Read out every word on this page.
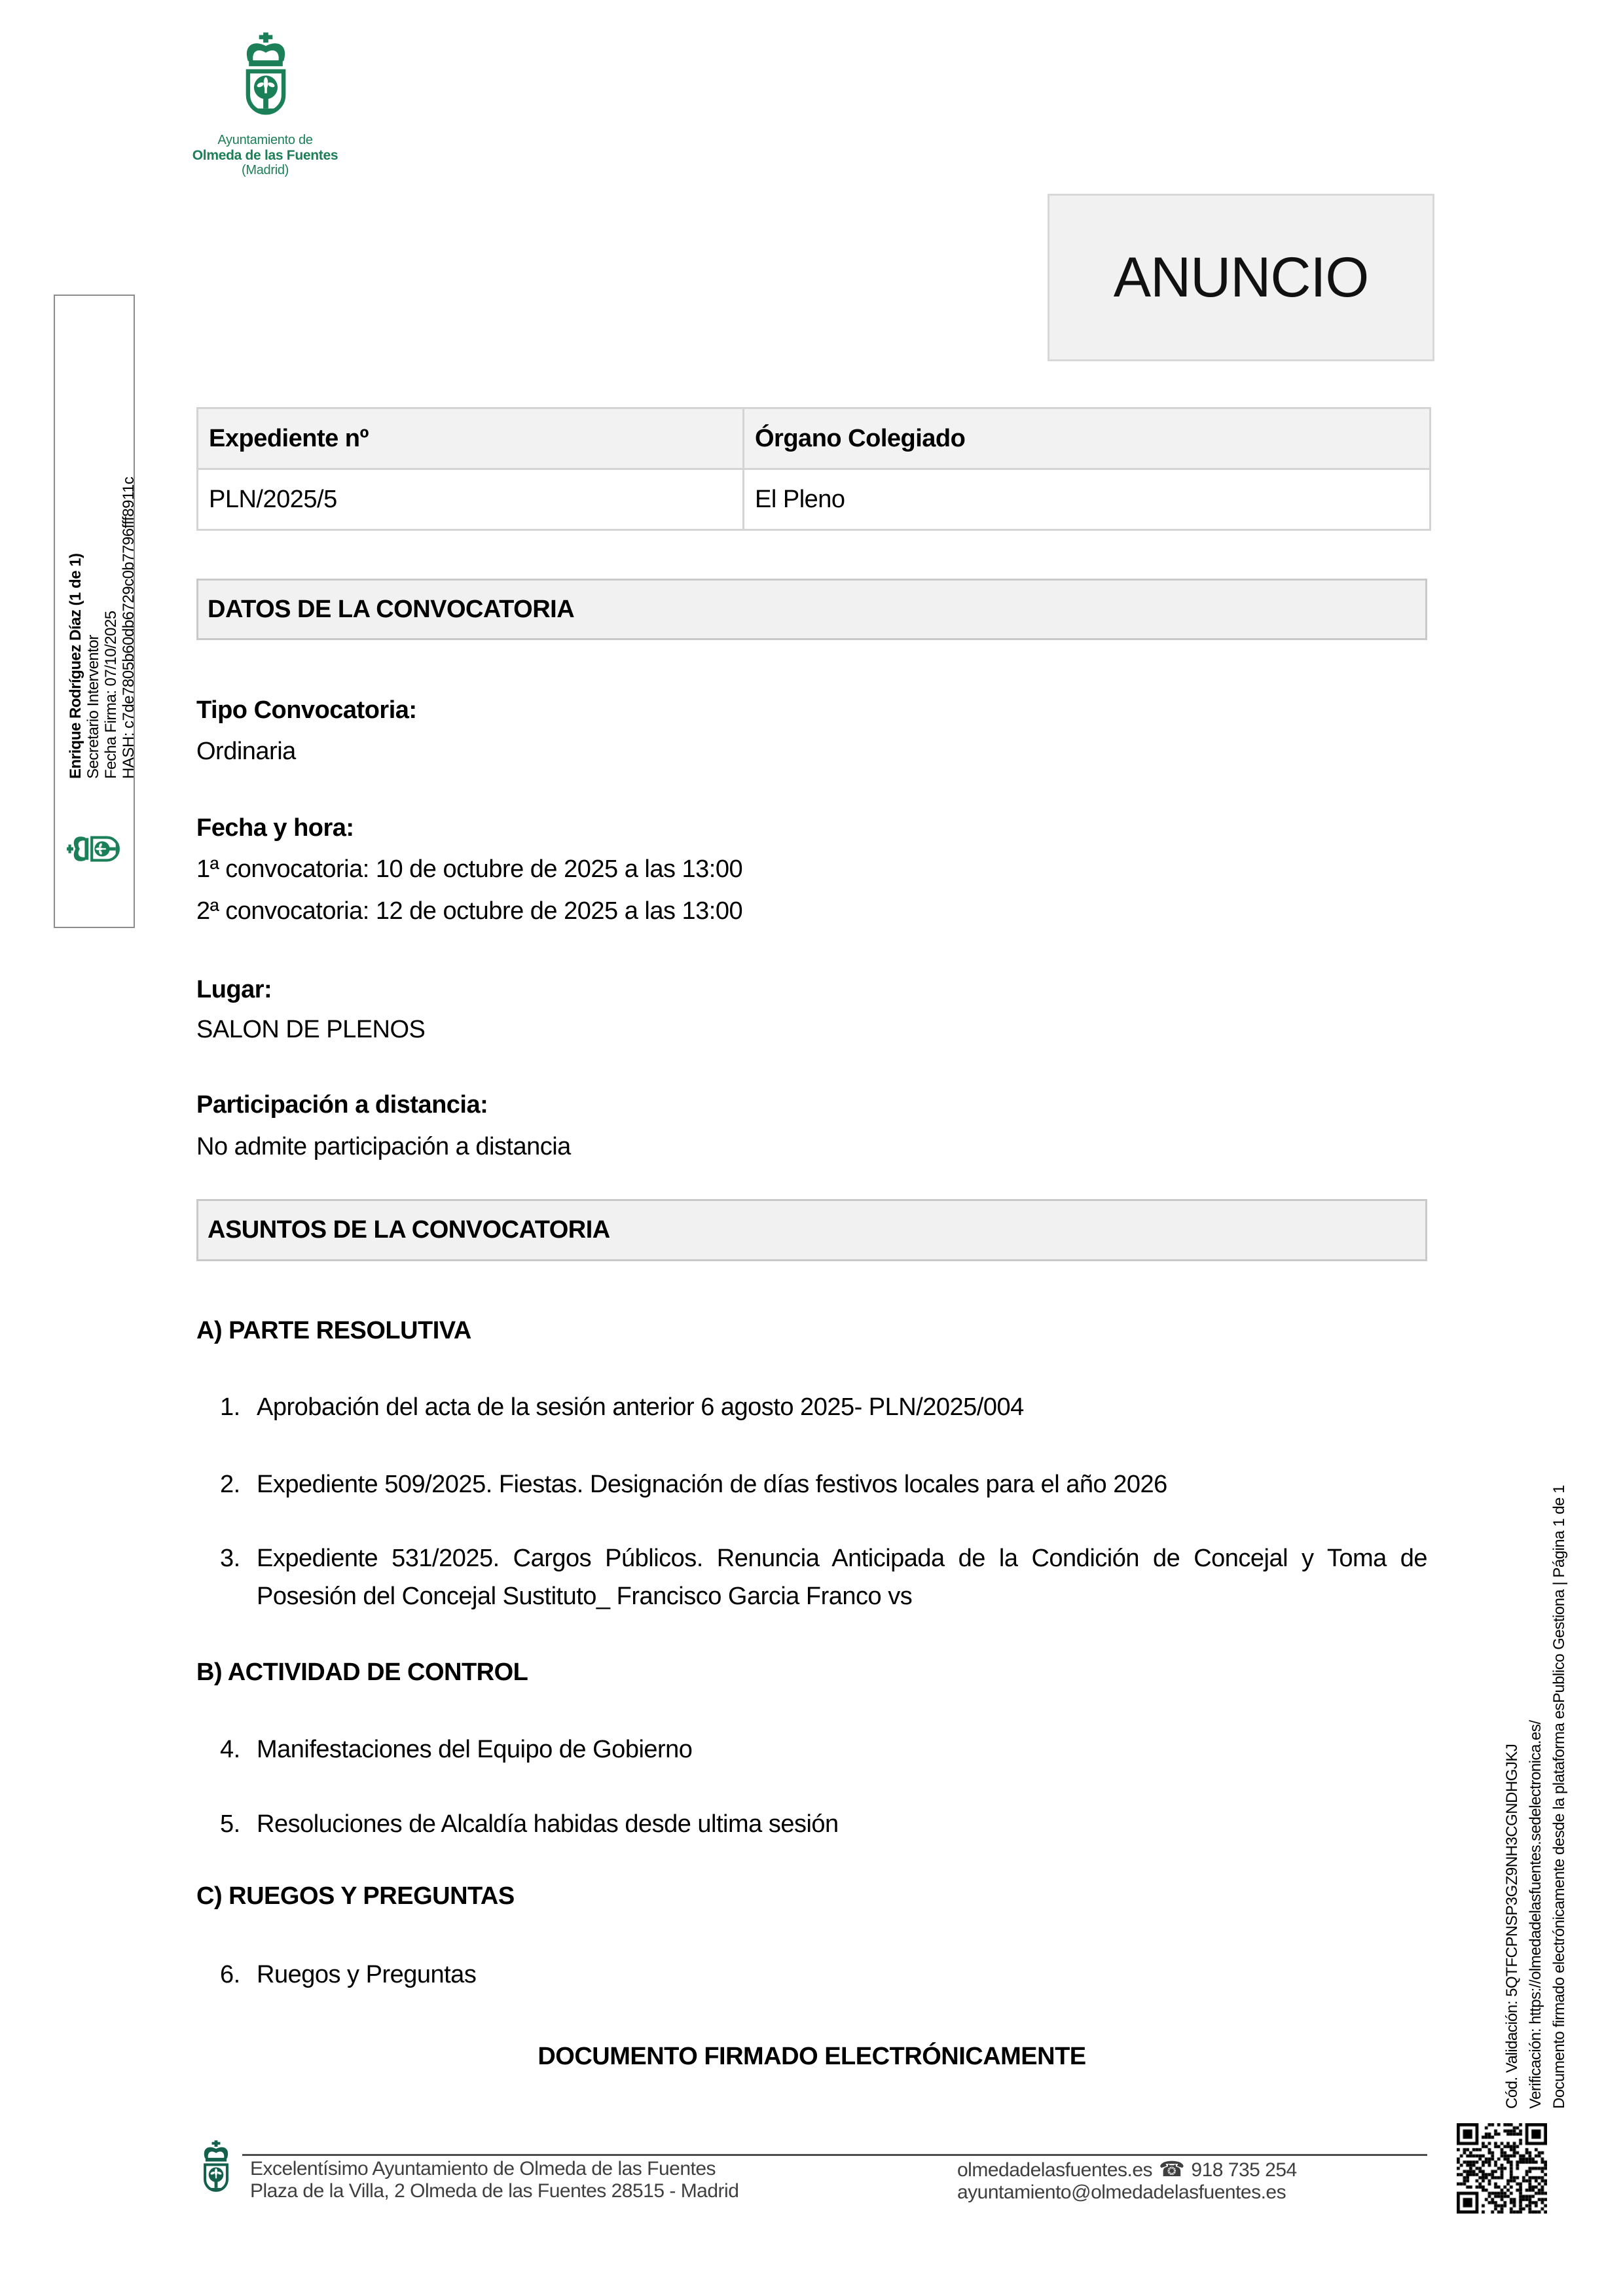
Ayuntamiento de
Olmeda de las Fuentes
(Madrid)
ANUNCIO
Enrique Rodríguez Díaz (1 de 1) Secretario Interventor Fecha Firma: 07/10/2025 HASH: c7de7805b60db6729c0b7796fff8911c
Cód. Validación: 5QTFCPNSP3GZ9NH3CGNDHGJKJ Verificación: https://olmedadelasfuentes.sedelectronica.es/ Documento firmado electrónicamente desde la plataforma esPublico Gestiona | Página 1 de 1
Expediente nº	Órgano Colegiado
PLN/2025/5	El Pleno
DATOS DE LA CONVOCATORIA
Tipo Convocatoria:
Ordinaria
Fecha y hora:
1ª convocatoria: 10 de octubre de 2025 a las 13:00
2ª convocatoria: 12 de octubre de 2025 a las 13:00
Lugar:
SALON DE PLENOS
Participación a distancia:
No admite participación a distancia
ASUNTOS DE LA CONVOCATORIA
A) PARTE RESOLUTIVA
1. Aprobación del acta de la sesión anterior 6 agosto 2025- PLN/2025/004
2. Expediente 509/2025. Fiestas. Designación de días festivos locales para el año 2026
3. Expediente 531/2025. Cargos Públicos. Renuncia Anticipada de la Condición de Concejal y Toma de Posesión del Concejal Sustituto_ Francisco Garcia Franco vs
B) ACTIVIDAD DE CONTROL
4. Manifestaciones del Equipo de Gobierno
5. Resoluciones de Alcaldía habidas desde ultima sesión
C) RUEGOS Y PREGUNTAS
6. Ruegos y Preguntas
DOCUMENTO FIRMADO ELECTRÓNICAMENTE
Excelentísimo Ayuntamiento de Olmeda de las Fuentes
Plaza de la Villa, 2 Olmeda de las Fuentes 28515 - Madrid
olmedadelasfuentes.es ☎ 918 735 254
ayuntamiento@olmedadelasfuentes.es
